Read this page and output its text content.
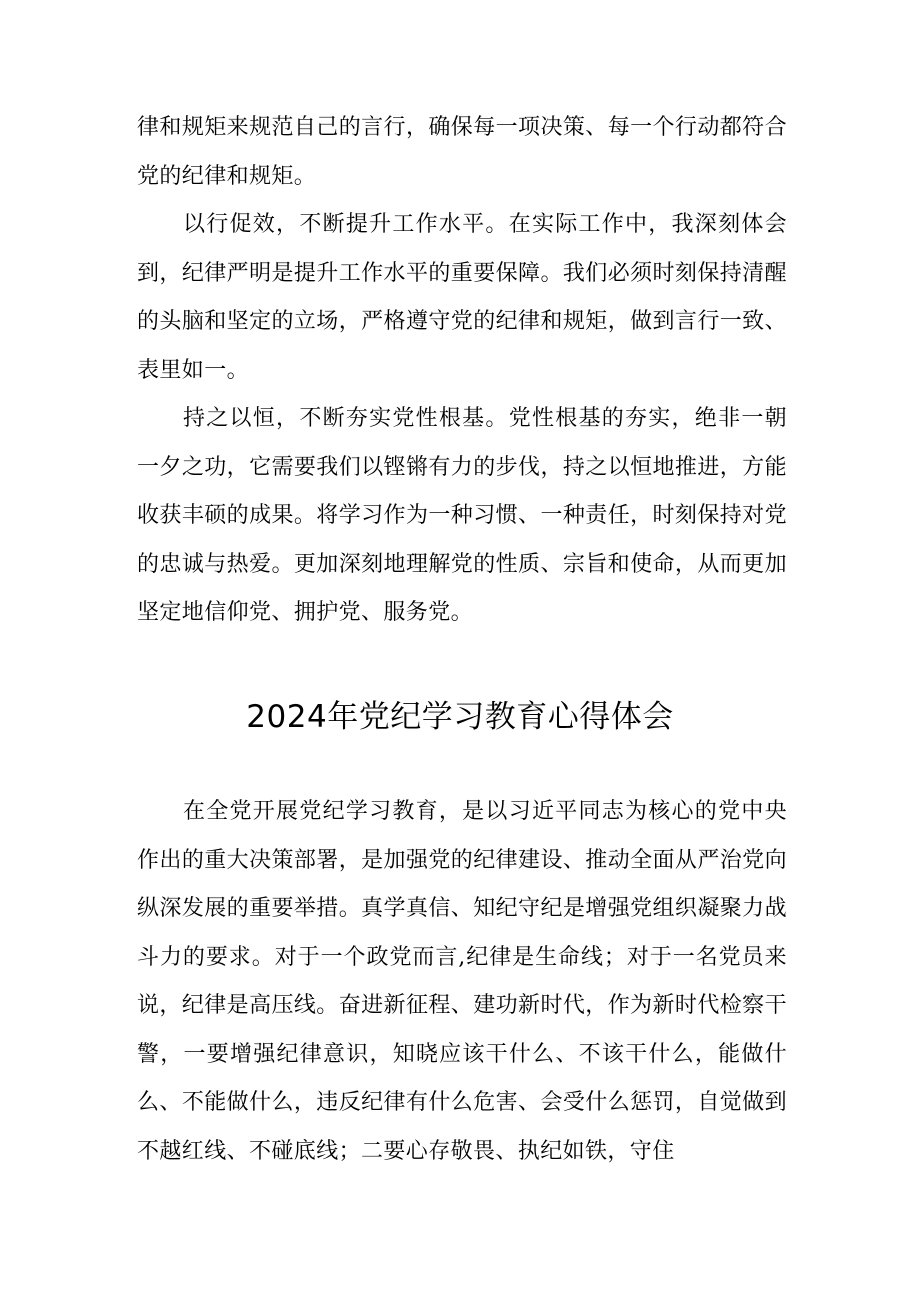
律和规矩来规范自己的言行，确保每一项决策、每一个行动都符合党的纪律和规矩。

以行促效，不断提升工作水平。在实际工作中，我深刻体会到，纪律严明是提升工作水平的重要保障。我们必须时刻保持清醒的头脑和坚定的立场，严格遵守党的纪律和规矩，做到言行一致、表里如一。

持之以恒，不断夯实党性根基。党性根基的夯实，绝非一朝一夕之功，它需要我们以铿锵有力的步伐，持之以恒地推进，方能收获丰硕的成果。将学习作为一种习惯、一种责任，时刻保持对党的忠诚与热爱。更加深刻地理解党的性质、宗旨和使命，从而更加坚定地信仰党、拥护党、服务党。

2024年党纪学习教育心得体会

在全党开展党纪学习教育，是以习近平同志为核心的党中央作出的重大决策部署，是加强党的纪律建设、推动全面从严治党向纵深发展的重要举措。真学真信、知纪守纪是增强党组织凝聚力战斗力的要求。对于一个政党而言,纪律是生命线；对于一名党员来说，纪律是高压线。奋进新征程、建功新时代，作为新时代检察干警，一要增强纪律意识，知晓应该干什么、不该干什么，能做什么、不能做什么，违反纪律有什么危害、会受什么惩罚，自觉做到不越红线、不碰底线；二要心存敬畏、执纪如铁，守住
